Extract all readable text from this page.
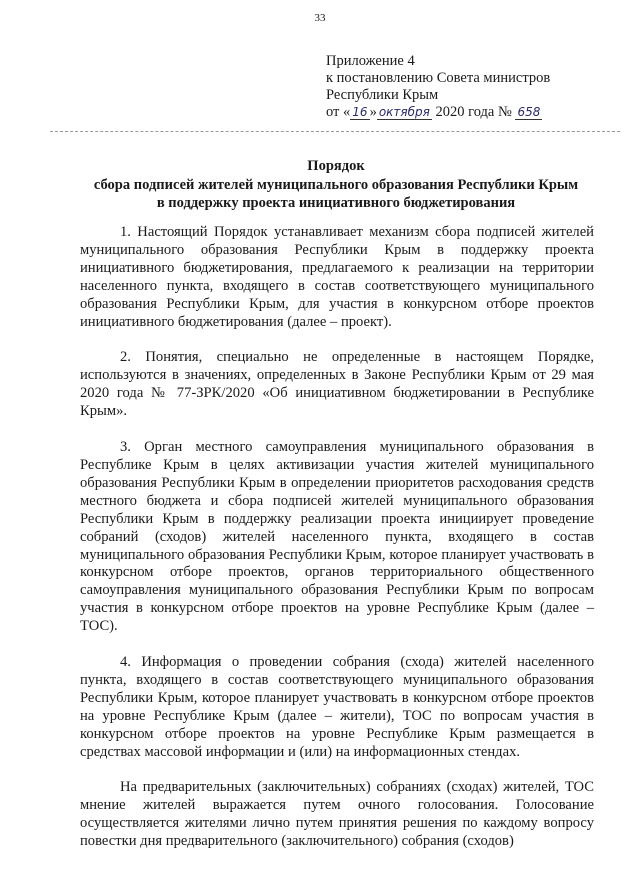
33
Приложение 4
к постановлению Совета министров
Республики Крым
от « 16 » октября 2020 года № 658
Порядок
сбора подписей жителей муниципального образования Республики Крым
в поддержку проекта инициативного бюджетирования

1. Настоящий Порядок устанавливает механизм сбора подписей жителей муниципального образования Республики Крым в поддержку проекта инициативного бюджетирования, предлагаемого к реализации на территории населенного пункта, входящего в состав соответствующего муниципального образования Республики Крым, для участия в конкурсном отборе проектов инициативного бюджетирования (далее – проект).

2. Понятия, специально не определенные в настоящем Порядке, используются в значениях, определенных в Законе Республики Крым от 29 мая 2020 года № 77-ЗРК/2020 «Об инициативном бюджетировании в Республике Крым».

3. Орган местного самоуправления муниципального образования в Республике Крым в целях активизации участия жителей муниципального образования Республики Крым в определении приоритетов расходования средств местного бюджета и сбора подписей жителей муниципального образования Республики Крым в поддержку реализации проекта инициирует проведение собраний (сходов) жителей населенного пункта, входящего в состав муниципального образования Республики Крым, которое планирует участвовать в конкурсном отборе проектов, органов территориального общественного самоуправления муниципального образования Республики Крым по вопросам участия в конкурсном отборе проектов на уровне Республике Крым (далее – ТОС).

4. Информация о проведении собрания (схода) жителей населенного пункта, входящего в состав соответствующего муниципального образования Республики Крым, которое планирует участвовать в конкурсном отборе проектов на уровне Республике Крым (далее – жители), ТОС по вопросам участия в конкурсном отборе проектов на уровне Республике Крым размещается в средствах массовой информации и (или) на информационных стендах.

На предварительных (заключительных) собраниях (сходах) жителей, ТОС мнение жителей выражается путем очного голосования. Голосование осуществляется жителями лично путем принятия решения по каждому вопросу повестки дня предварительного (заключительного) собрания (сходов)
